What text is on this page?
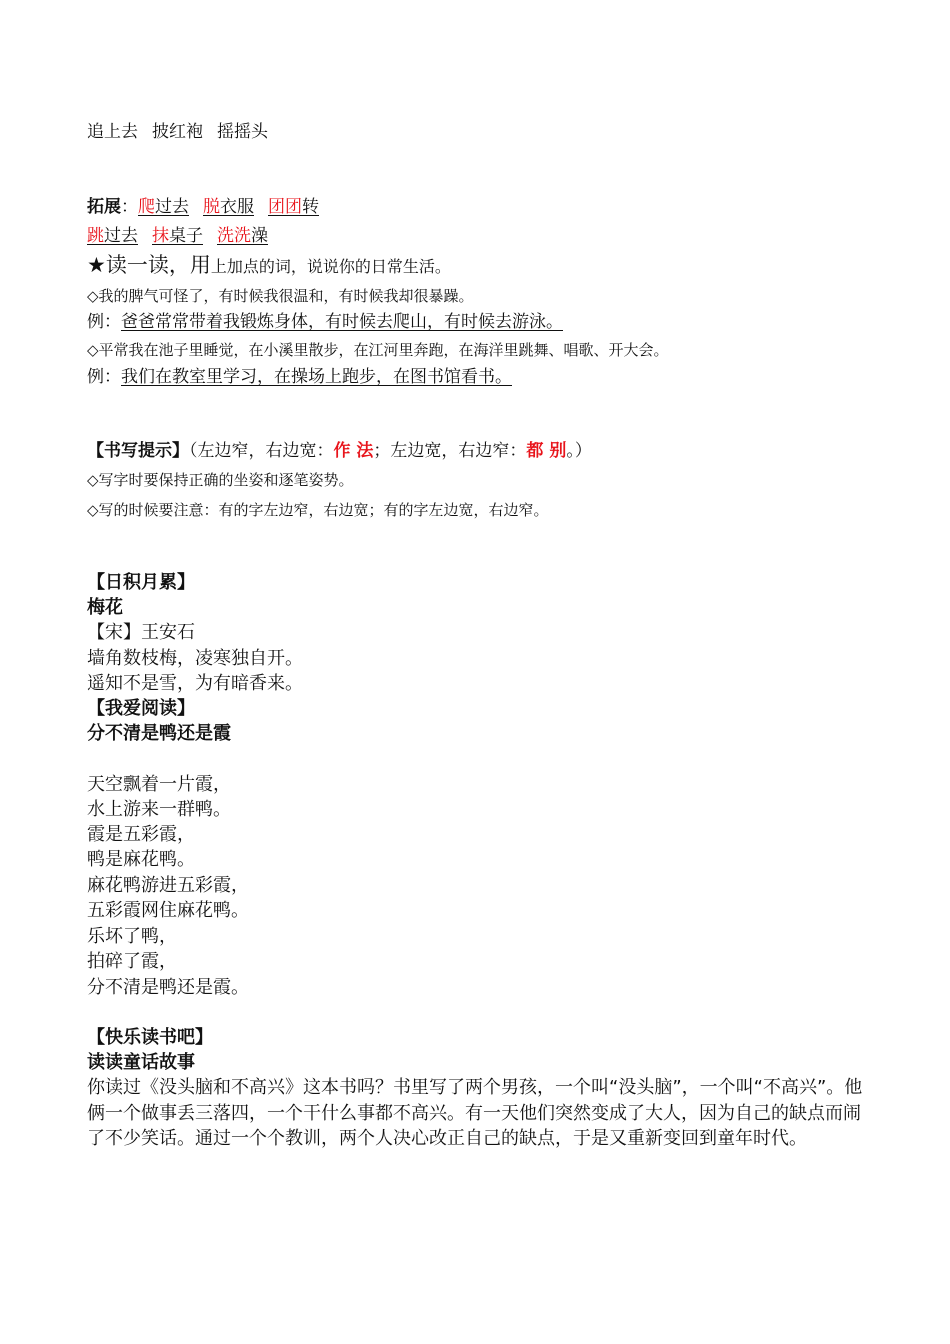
追上去 披红袍 摇摇头
拓展：爬过去 脱衣服 团团转
跳过去 抹桌子 洗洗澡
★读一读，用上加点的词，说说你的日常生活。
◇我的脾气可怪了，有时候我很温和，有时候我却很暴躁。
例：爸爸常常带着我锻炼身体，有时候去爬山，有时候去游泳。
◇平常我在池子里睡觉，在小溪里散步，在江河里奔跑，在海洋里跳舞、唱歌、开大会。
例：我们在教室里学习，在操场上跑步，在图书馆看书。
【书写提示】（左边窄，右边宽：作 法；左边宽，右边窄：都 别。）
◇写字时要保持正确的坐姿和逐笔姿势。
◇写的时候要注意：有的字左边窄，右边宽；有的字左边宽，右边窄。
【日积月累】
梅花
【宋】王安石
墙角数枝梅，凌寒独自开。
遥知不是雪，为有暗香来。
【我爱阅读】
分不清是鸭还是霞
天空飘着一片霞，
水上游来一群鸭。
霞是五彩霞，
鸭是麻花鸭。
麻花鸭游进五彩霞，
五彩霞网住麻花鸭。
乐坏了鸭，
拍碎了霞，
分不清是鸭还是霞。
【快乐读书吧】
读读童话故事
你读过《没头脑和不高兴》这本书吗？书里写了两个男孩，一个叫“没头脑”，一个叫“不高兴”。他俩一个做事丢三落四，一个干什么事都不高兴。有一天他们突然变成了大人，因为自己的缺点而闹了不少笑话。通过一个个教训，两个人决心改正自己的缺点，于是又重新变回到童年时代。
